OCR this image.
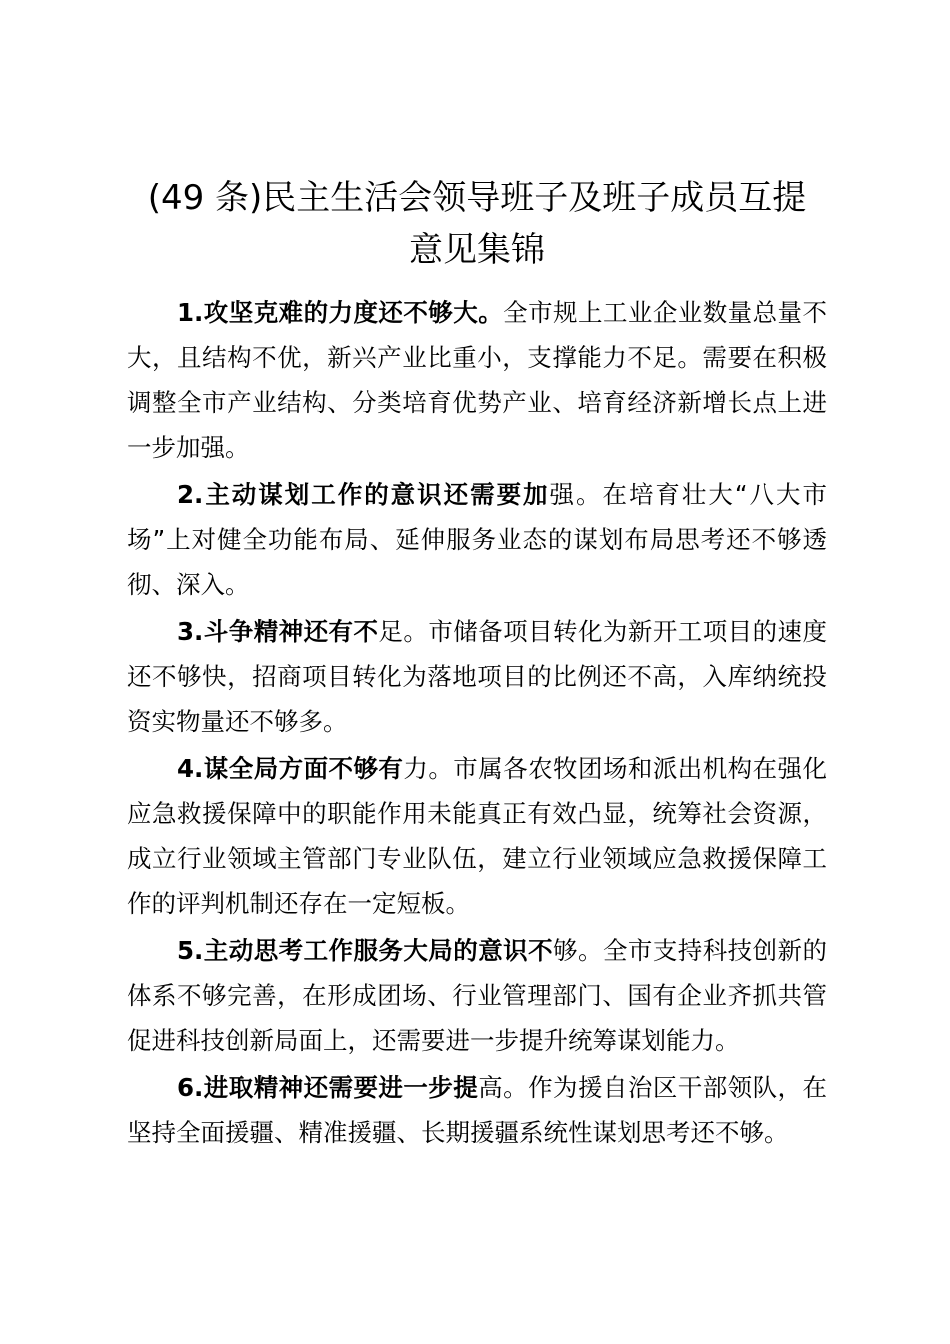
(49 条)民主生活会领导班子及班子成员互提
意见集锦

1.攻坚克难的力度还不够大。全市规上工业企业数量总量不大，且结构不优，新兴产业比重小，支撑能力不足。需要在积极调整全市产业结构、分类培育优势产业、培育经济新增长点上进一步加强。

2.主动谋划工作的意识还需要加强。在培育壮大“八大市场”上对健全功能布局、延伸服务业态的谋划布局思考还不够透彻、深入。

3.斗争精神还有不足。市储备项目转化为新开工项目的速度还不够快，招商项目转化为落地项目的比例还不高，入库纳统投资实物量还不够多。

4.谋全局方面不够有力。市属各农牧团场和派出机构在强化应急救援保障中的职能作用未能真正有效凸显，统筹社会资源，成立行业领域主管部门专业队伍，建立行业领域应急救援保障工作的评判机制还存在一定短板。

5.主动思考工作服务大局的意识不够。全市支持科技创新的体系不够完善，在形成团场、行业管理部门、国有企业齐抓共管促进科技创新局面上，还需要进一步提升统筹谋划能力。

6.进取精神还需要进一步提高。作为援自治区干部领队，在坚持全面援疆、精准援疆、长期援疆系统性谋划思考还不够。
